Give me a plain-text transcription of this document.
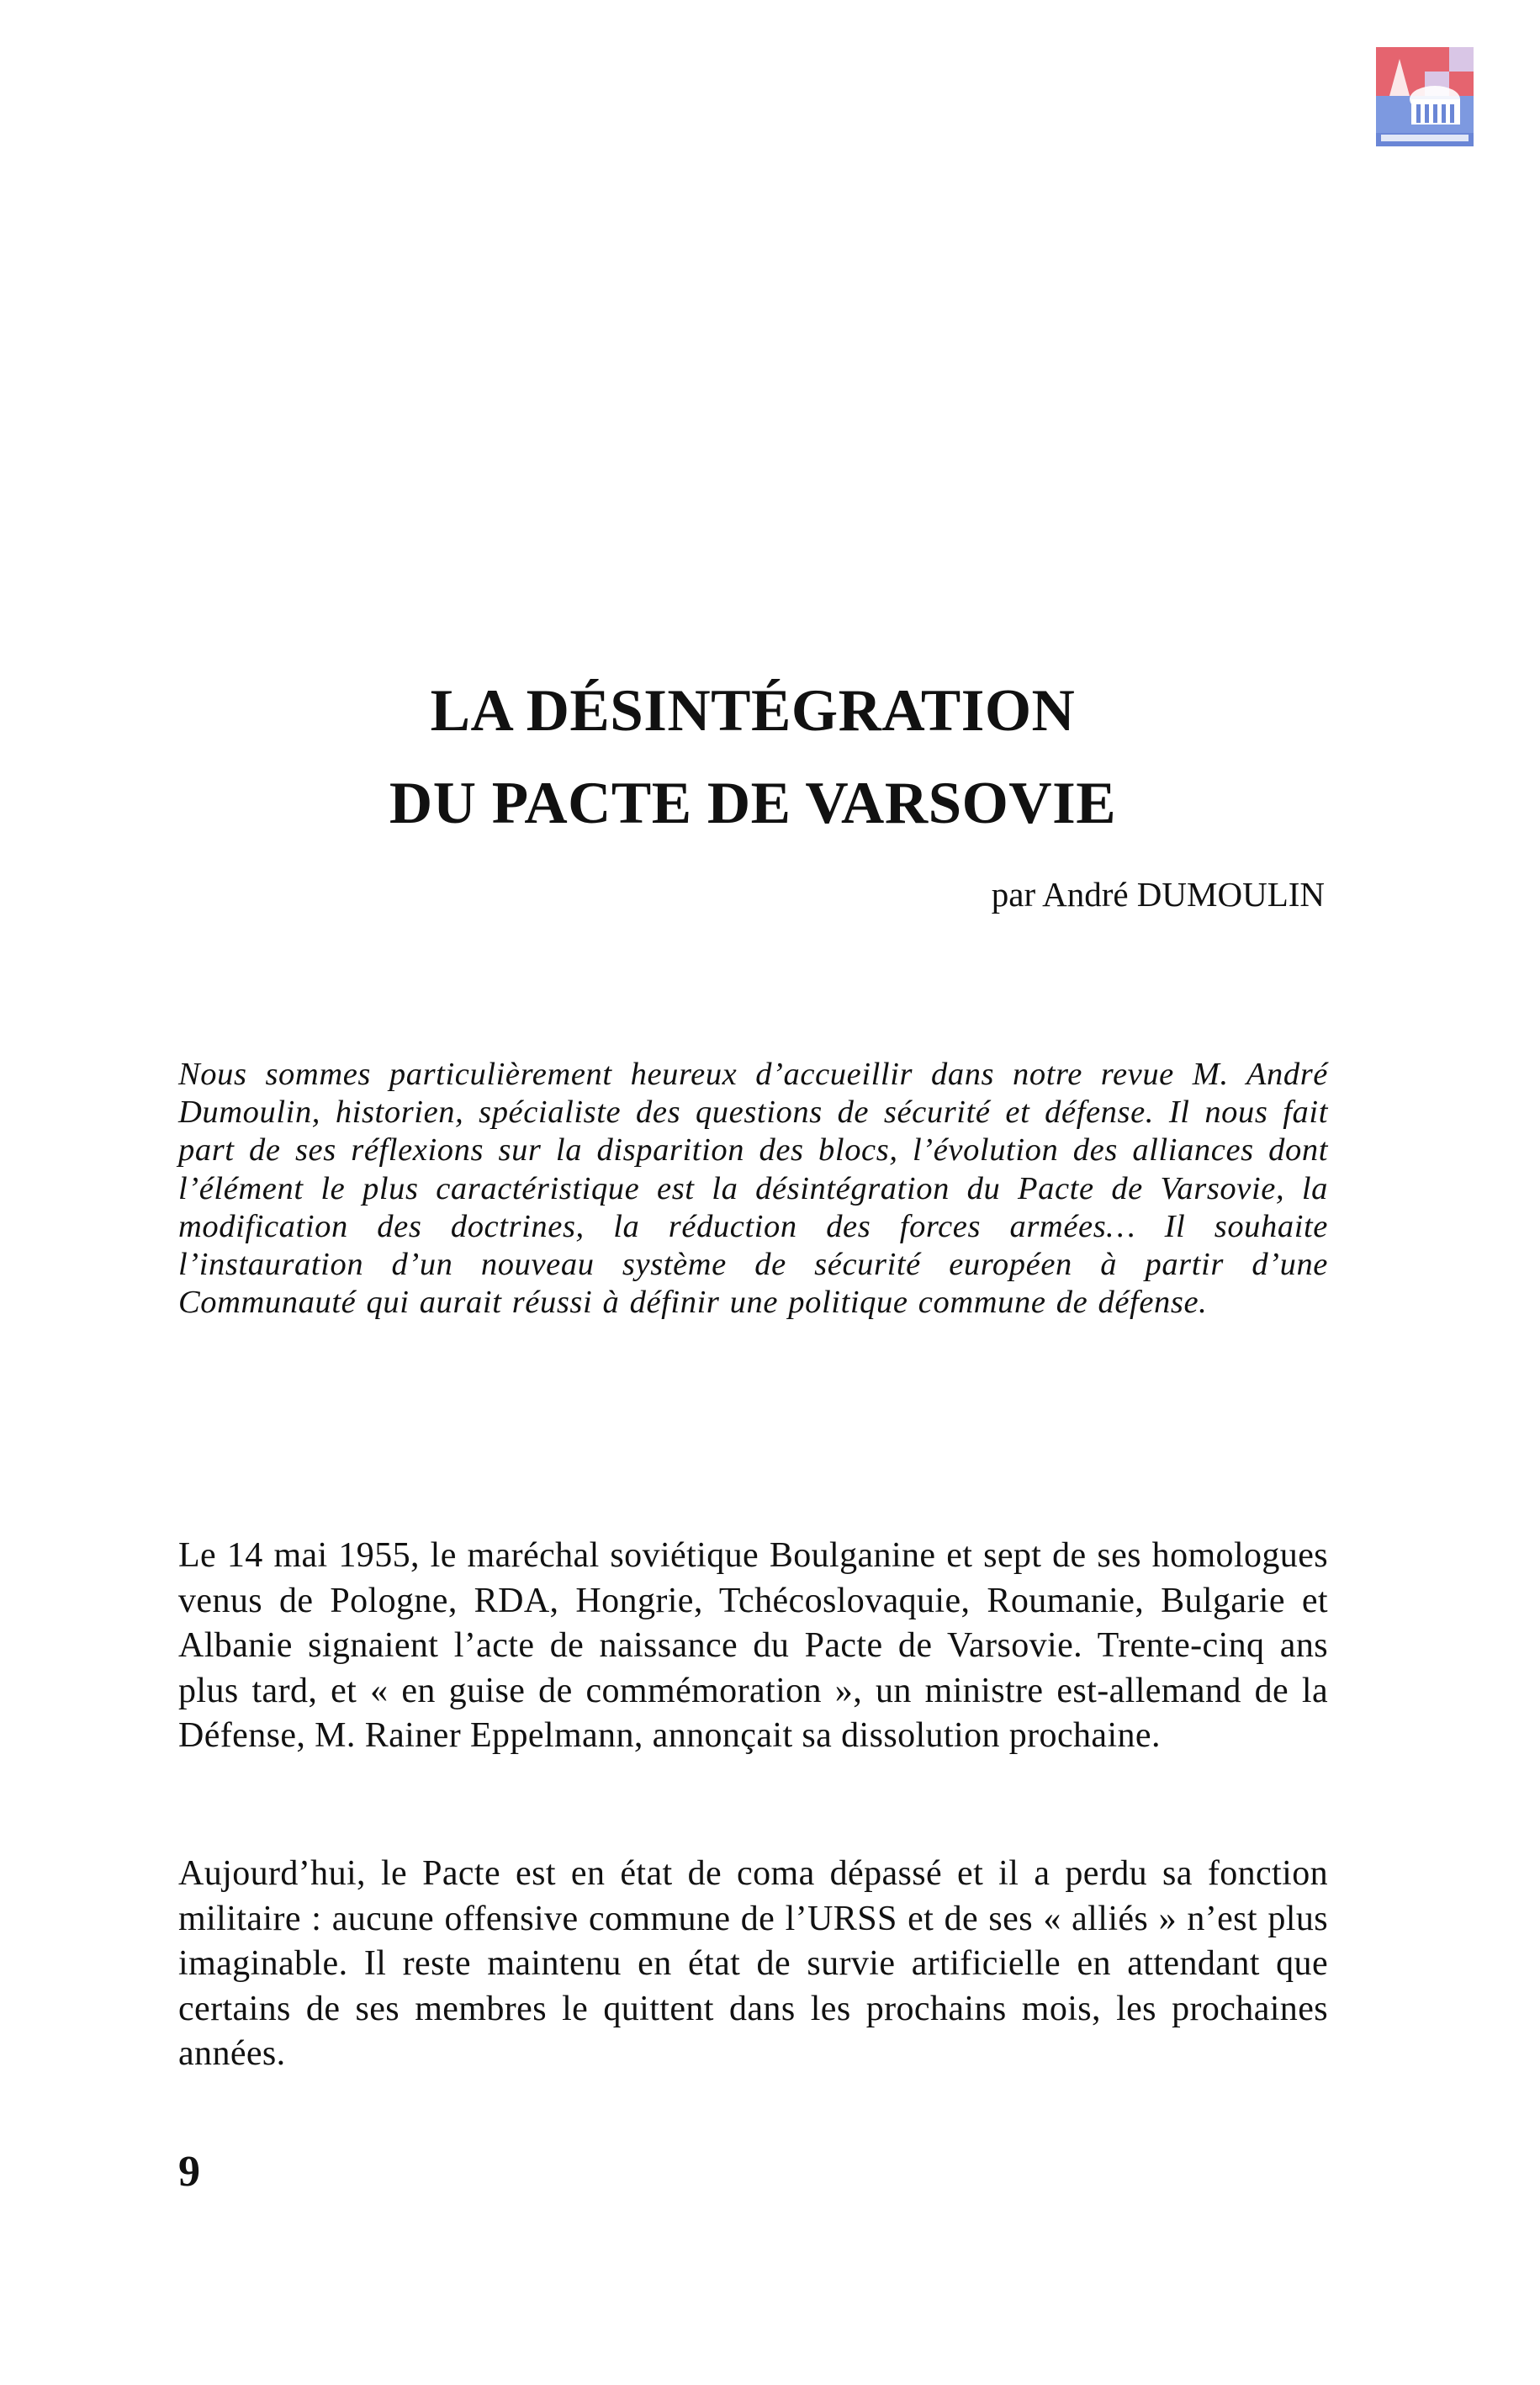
LA DÉSINTÉGRATION
DU PACTE DE VARSOVIE
par André DUMOULIN

Nous sommes particulièrement heureux d’accueillir dans notre revue M. André Dumoulin, historien, spécialiste des questions de sécurité et défense. Il nous fait part de ses réflexions sur la disparition des blocs, l’évolution des alliances dont l’élément le plus caractéristique est la désintégration du Pacte de Varsovie, la modification des doctrines, la réduction des forces armées… Il souhaite l’instauration d’un nouveau système de sécurité européen à partir d’une Communauté qui aurait réussi à définir une politique commune de défense.

Le 14 mai 1955, le maréchal soviétique Boulganine et sept de ses homologues venus de Pologne, RDA, Hongrie, Tchécoslovaquie, Roumanie, Bulgarie et Albanie signaient l’acte de naissance du Pacte de Varsovie. Trente-cinq ans plus tard, et « en guise de commémoration », un ministre est-allemand de la Défense, M. Rainer Eppelmann, annonçait sa dissolution prochaine.

Aujourd’hui, le Pacte est en état de coma dépassé et il a perdu sa fonction militaire : aucune offensive commune de l’URSS et de ses « alliés » n’est plus imaginable. Il reste maintenu en état de survie artificielle en attendant que certains de ses membres le quittent dans les prochains mois, les prochaines années.

9
